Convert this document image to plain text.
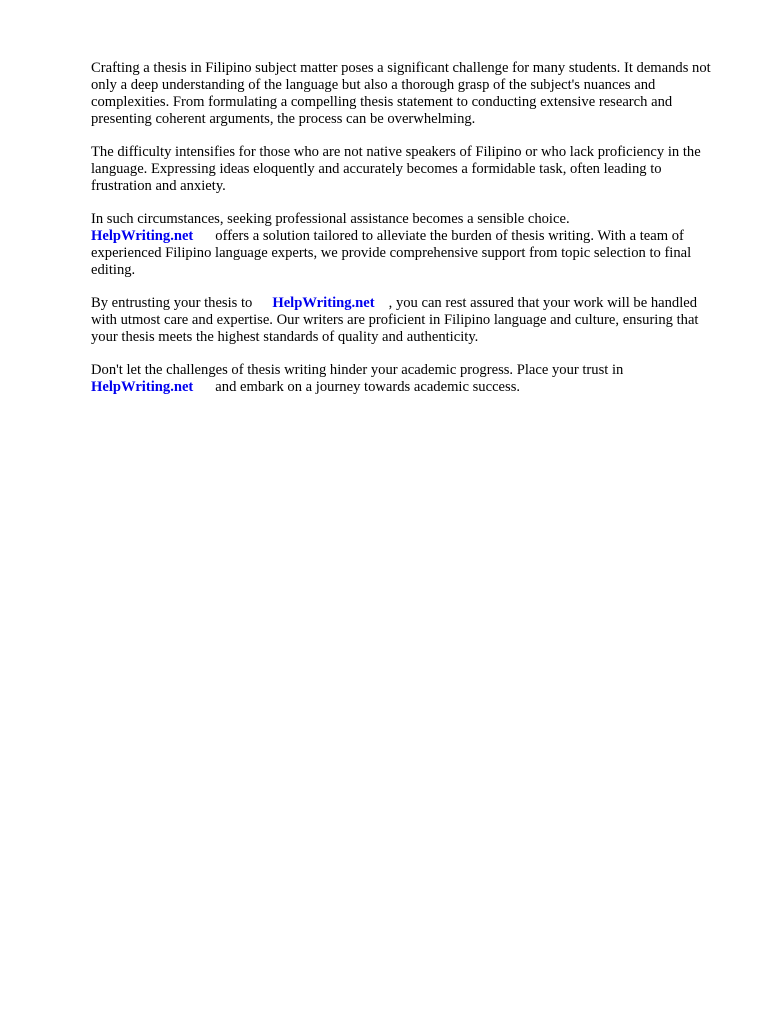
Crafting a thesis in Filipino subject matter poses a significant challenge for many students. It demands not only a deep understanding of the language but also a thorough grasp of the subject's nuances and complexities. From formulating a compelling thesis statement to conducting extensive research and presenting coherent arguments, the process can be overwhelming.

The difficulty intensifies for those who are not native speakers of Filipino or who lack proficiency in the language. Expressing ideas eloquently and accurately becomes a formidable task, often leading to frustration and anxiety.

In such circumstances, seeking professional assistance becomes a sensible choice.
HelpWriting.net offers a solution tailored to alleviate the burden of thesis writing. With a team of experienced Filipino language experts, we provide comprehensive support from topic selection to final editing.

By entrusting your thesis to HelpWriting.net , you can rest assured that your work will be handled with utmost care and expertise. Our writers are proficient in Filipino language and culture, ensuring that your thesis meets the highest standards of quality and authenticity.

Don't let the challenges of thesis writing hinder your academic progress. Place your trust in
HelpWriting.net and embark on a journey towards academic success.
